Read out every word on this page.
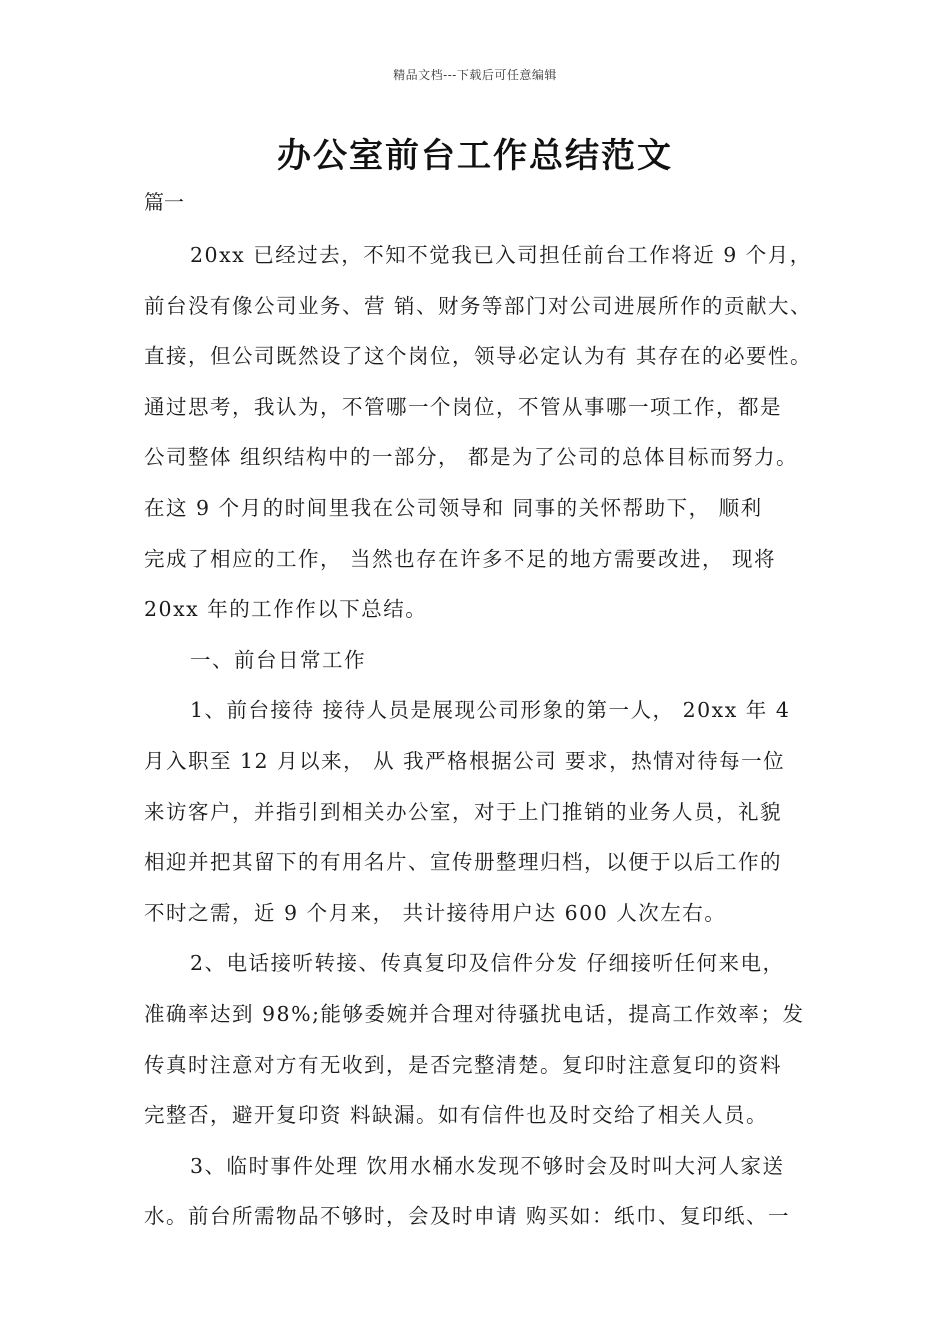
精品文档---下载后可任意编辑
办公室前台工作总结范文
篇一
20xx 已经过去，不知不觉我已入司担任前台工作将近 9 个月，
前台没有像公司业务、营 销、财务等部门对公司进展所作的贡献大、
直接，但公司既然设了这个岗位，领导必定认为有 其存在的必要性。
通过思考，我认为，不管哪一个岗位，不管从事哪一项工作，都是
公司整体 组织结构中的一部分， 都是为了公司的总体目标而努力。
在这 9 个月的时间里我在公司领导和 同事的关怀帮助下， 顺利
完成了相应的工作， 当然也存在许多不足的地方需要改进， 现将
20xx 年的工作作以下总结。
一、前台日常工作
1、前台接待 接待人员是展现公司形象的第一人， 20xx 年 4
月入职至 12 月以来， 从 我严格根据公司 要求，热情对待每一位
来访客户，并指引到相关办公室，对于上门推销的业务人员，礼貌
相迎并把其留下的有用名片、宣传册整理归档，以便于以后工作的
不时之需，近 9 个月来， 共计接待用户达 600 人次左右。
2、电话接听转接、传真复印及信件分发 仔细接听任何来电，
准确率达到 98%;能够委婉并合理对待骚扰电话，提高工作效率；发
传真时注意对方有无收到，是否完整清楚。复印时注意复印的资料
完整否，避开复印资 料缺漏。如有信件也及时交给了相关人员。
3、临时事件处理 饮用水桶水发现不够时会及时叫大河人家送
水。前台所需物品不够时，会及时申请 购买如：纸巾、复印纸、一
